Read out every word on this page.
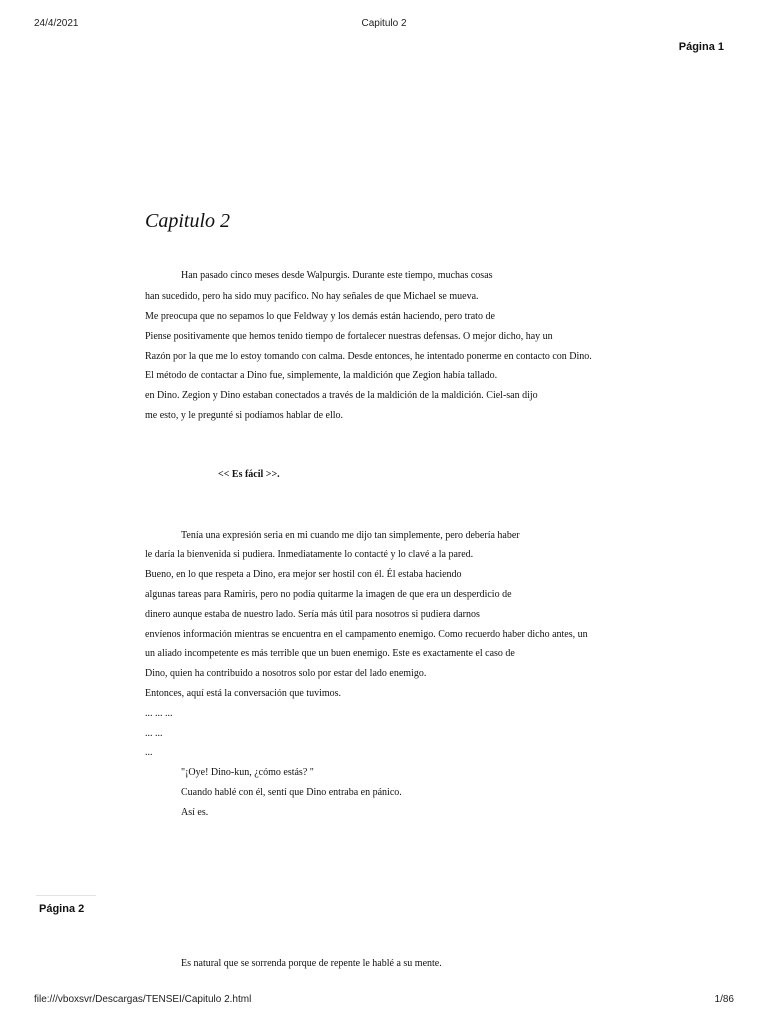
24/4/2021	Capitulo 2
Página 1
Capitulo 2
Han pasado cinco meses desde Walpurgis. Durante este tiempo, muchas cosas
han sucedido, pero ha sido muy pacífico. No hay señales de que Michael se mueva.
Me preocupa que no sepamos lo que Feldway y los demás están haciendo, pero trato de
Piense positivamente que hemos tenido tiempo de fortalecer nuestras defensas. O mejor dicho, hay un
Razón por la que me lo estoy tomando con calma. Desde entonces, he intentado ponerme en contacto con Dino.
El método de contactar a Dino fue, simplemente, la maldición que Zegion había tallado.
en Dino. Zegion y Dino estaban conectados a través de la maldición de la maldición. Ciel-san dijo
me esto, y le pregunté si podíamos hablar de ello.
<< Es fácil >>.
Tenía una expresión seria en mi cuando me dijo tan simplemente, pero debería haber
le daría la bienvenida si pudiera. Inmediatamente lo contacté y lo clavé a la pared.
Bueno, en lo que respeta a Dino, era mejor ser hostil con él. Él estaba haciendo
algunas tareas para Ramiris, pero no podía quitarme la imagen de que era un desperdicio de
dinero aunque estaba de nuestro lado. Sería más útil para nosotros si pudiera darnos
envíenos información mientras se encuentra en el campamento enemigo. Como recuerdo haber dicho antes, un
un aliado incompetente es más terrible que un buen enemigo. Este es exactamente el caso de
Dino, quien ha contribuido a nosotros solo por estar del lado enemigo.
Entonces, aquí está la conversación que tuvimos.
... ... ...
... ...
...
"¡Oye! Dino-kun, ¿cómo estás? "
Cuando hablé con él, sentí que Dino entraba en pánico.
Así es.
Página 2
Es natural que se sorrenda porque de repente le hablé a su mente.
file:///vboxsvr/Descargas/TENSEI/Capitulo 2.html	1/86
